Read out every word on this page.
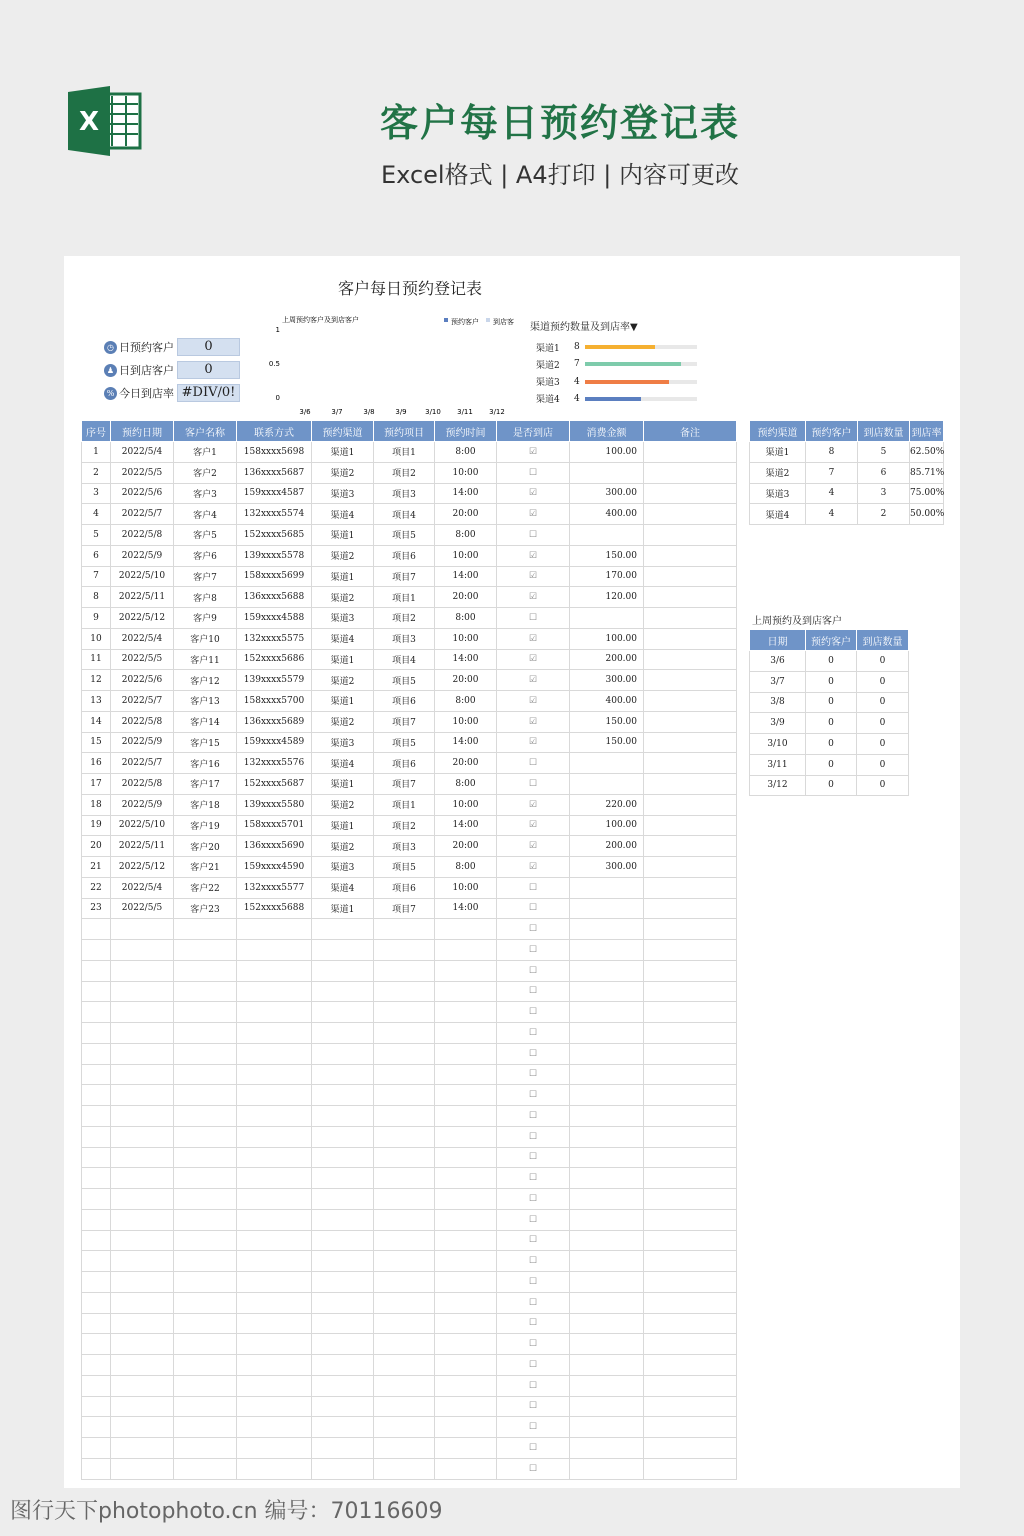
X	客户每日预约登记表
Excel格式 | A4打印 | 内容可更改
客户每日预约登记表
◷ 日预约客户	0
♟ 日到店客户	0
% 今日到店率 #DIV/0!
上周预约客户及到店客户	预约客户 到店客
1
0.5
0
3/6	3/7	3/8	3/9	3/10 3/11 3/12
渠道预约数量及到店率▼
渠道1	8
渠道2	7
渠道3	4
渠道4	4
序号	预约日期	客户名称	联系方式	预约渠道	预约项目	预约时间	是否到店	消费金额	备注
1	2022/5/4	客户1	158xxxx5698	渠道1	项目1	8:00	☑	100.00	
2	2022/5/5	客户2	136xxxx5687	渠道2	项目2	10:00	☐		
3	2022/5/6	客户3	159xxxx4587	渠道3	项目3	14:00	☑	300.00	
4	2022/5/7	客户4	132xxxx5574	渠道4	项目4	20:00	☑	400.00	
5	2022/5/8	客户5	152xxxx5685	渠道1	项目5	8:00	☐		
6	2022/5/9	客户6	139xxxx5578	渠道2	项目6	10:00	☑	150.00	
7	2022/5/10	客户7	158xxxx5699	渠道1	项目7	14:00	☑	170.00	
8	2022/5/11	客户8	136xxxx5688	渠道2	项目1	20:00	☑	120.00	
9	2022/5/12	客户9	159xxxx4588	渠道3	项目2	8:00	☐		
10	2022/5/4	客户10	132xxxx5575	渠道4	项目3	10:00	☑	100.00	
11	2022/5/5	客户11	152xxxx5686	渠道1	项目4	14:00	☑	200.00	
12	2022/5/6	客户12	139xxxx5579	渠道2	项目5	20:00	☑	300.00	
13	2022/5/7	客户13	158xxxx5700	渠道1	项目6	8:00	☑	400.00	
14	2022/5/8	客户14	136xxxx5689	渠道2	项目7	10:00	☑	150.00	
15	2022/5/9	客户15	159xxxx4589	渠道3	项目5	14:00	☑	150.00	
16	2022/5/7	客户16	132xxxx5576	渠道4	项目6	20:00	☐		
17	2022/5/8	客户17	152xxxx5687	渠道1	项目7	8:00	☐		
18	2022/5/9	客户18	139xxxx5580	渠道2	项目1	10:00	☑	220.00	
19	2022/5/10	客户19	158xxxx5701	渠道1	项目2	14:00	☑	100.00	
20	2022/5/11	客户20	136xxxx5690	渠道2	项目3	20:00	☑	200.00	
21	2022/5/12	客户21	159xxxx4590	渠道3	项目5	8:00	☑	300.00	
22	2022/5/4	客户22	132xxxx5577	渠道4	项目6	10:00	☐		
23	2022/5/5	客户23	152xxxx5688	渠道1	项目7	14:00	☐		
							☐		
							☐		
							☐		
							☐		
							☐		
							☐		
							☐		
							☐		
							☐		
							☐		
							☐		
							☐		
							☐		
							☐		
							☐		
							☐		
							☐		
							☐		
							☐		
							☐		
							☐		
							☐		
							☐		
							☐		
							☐		
							☐		
							☐		
预约渠道	预约客户	到店数量	到店率
渠道1	8	5	62.50%
渠道2	7	6	85.71%
渠道3	4	3	75.00%
渠道4	4	2	50.00%
上周预约及到店客户
日期	预约客户	到店数量
3/6	0	0
3/7	0	0
3/8	0	0
3/9	0	0
3/10	0	0
3/11	0	0
3/12	0	0
图行天下photophoto.cn 编号：70116609
